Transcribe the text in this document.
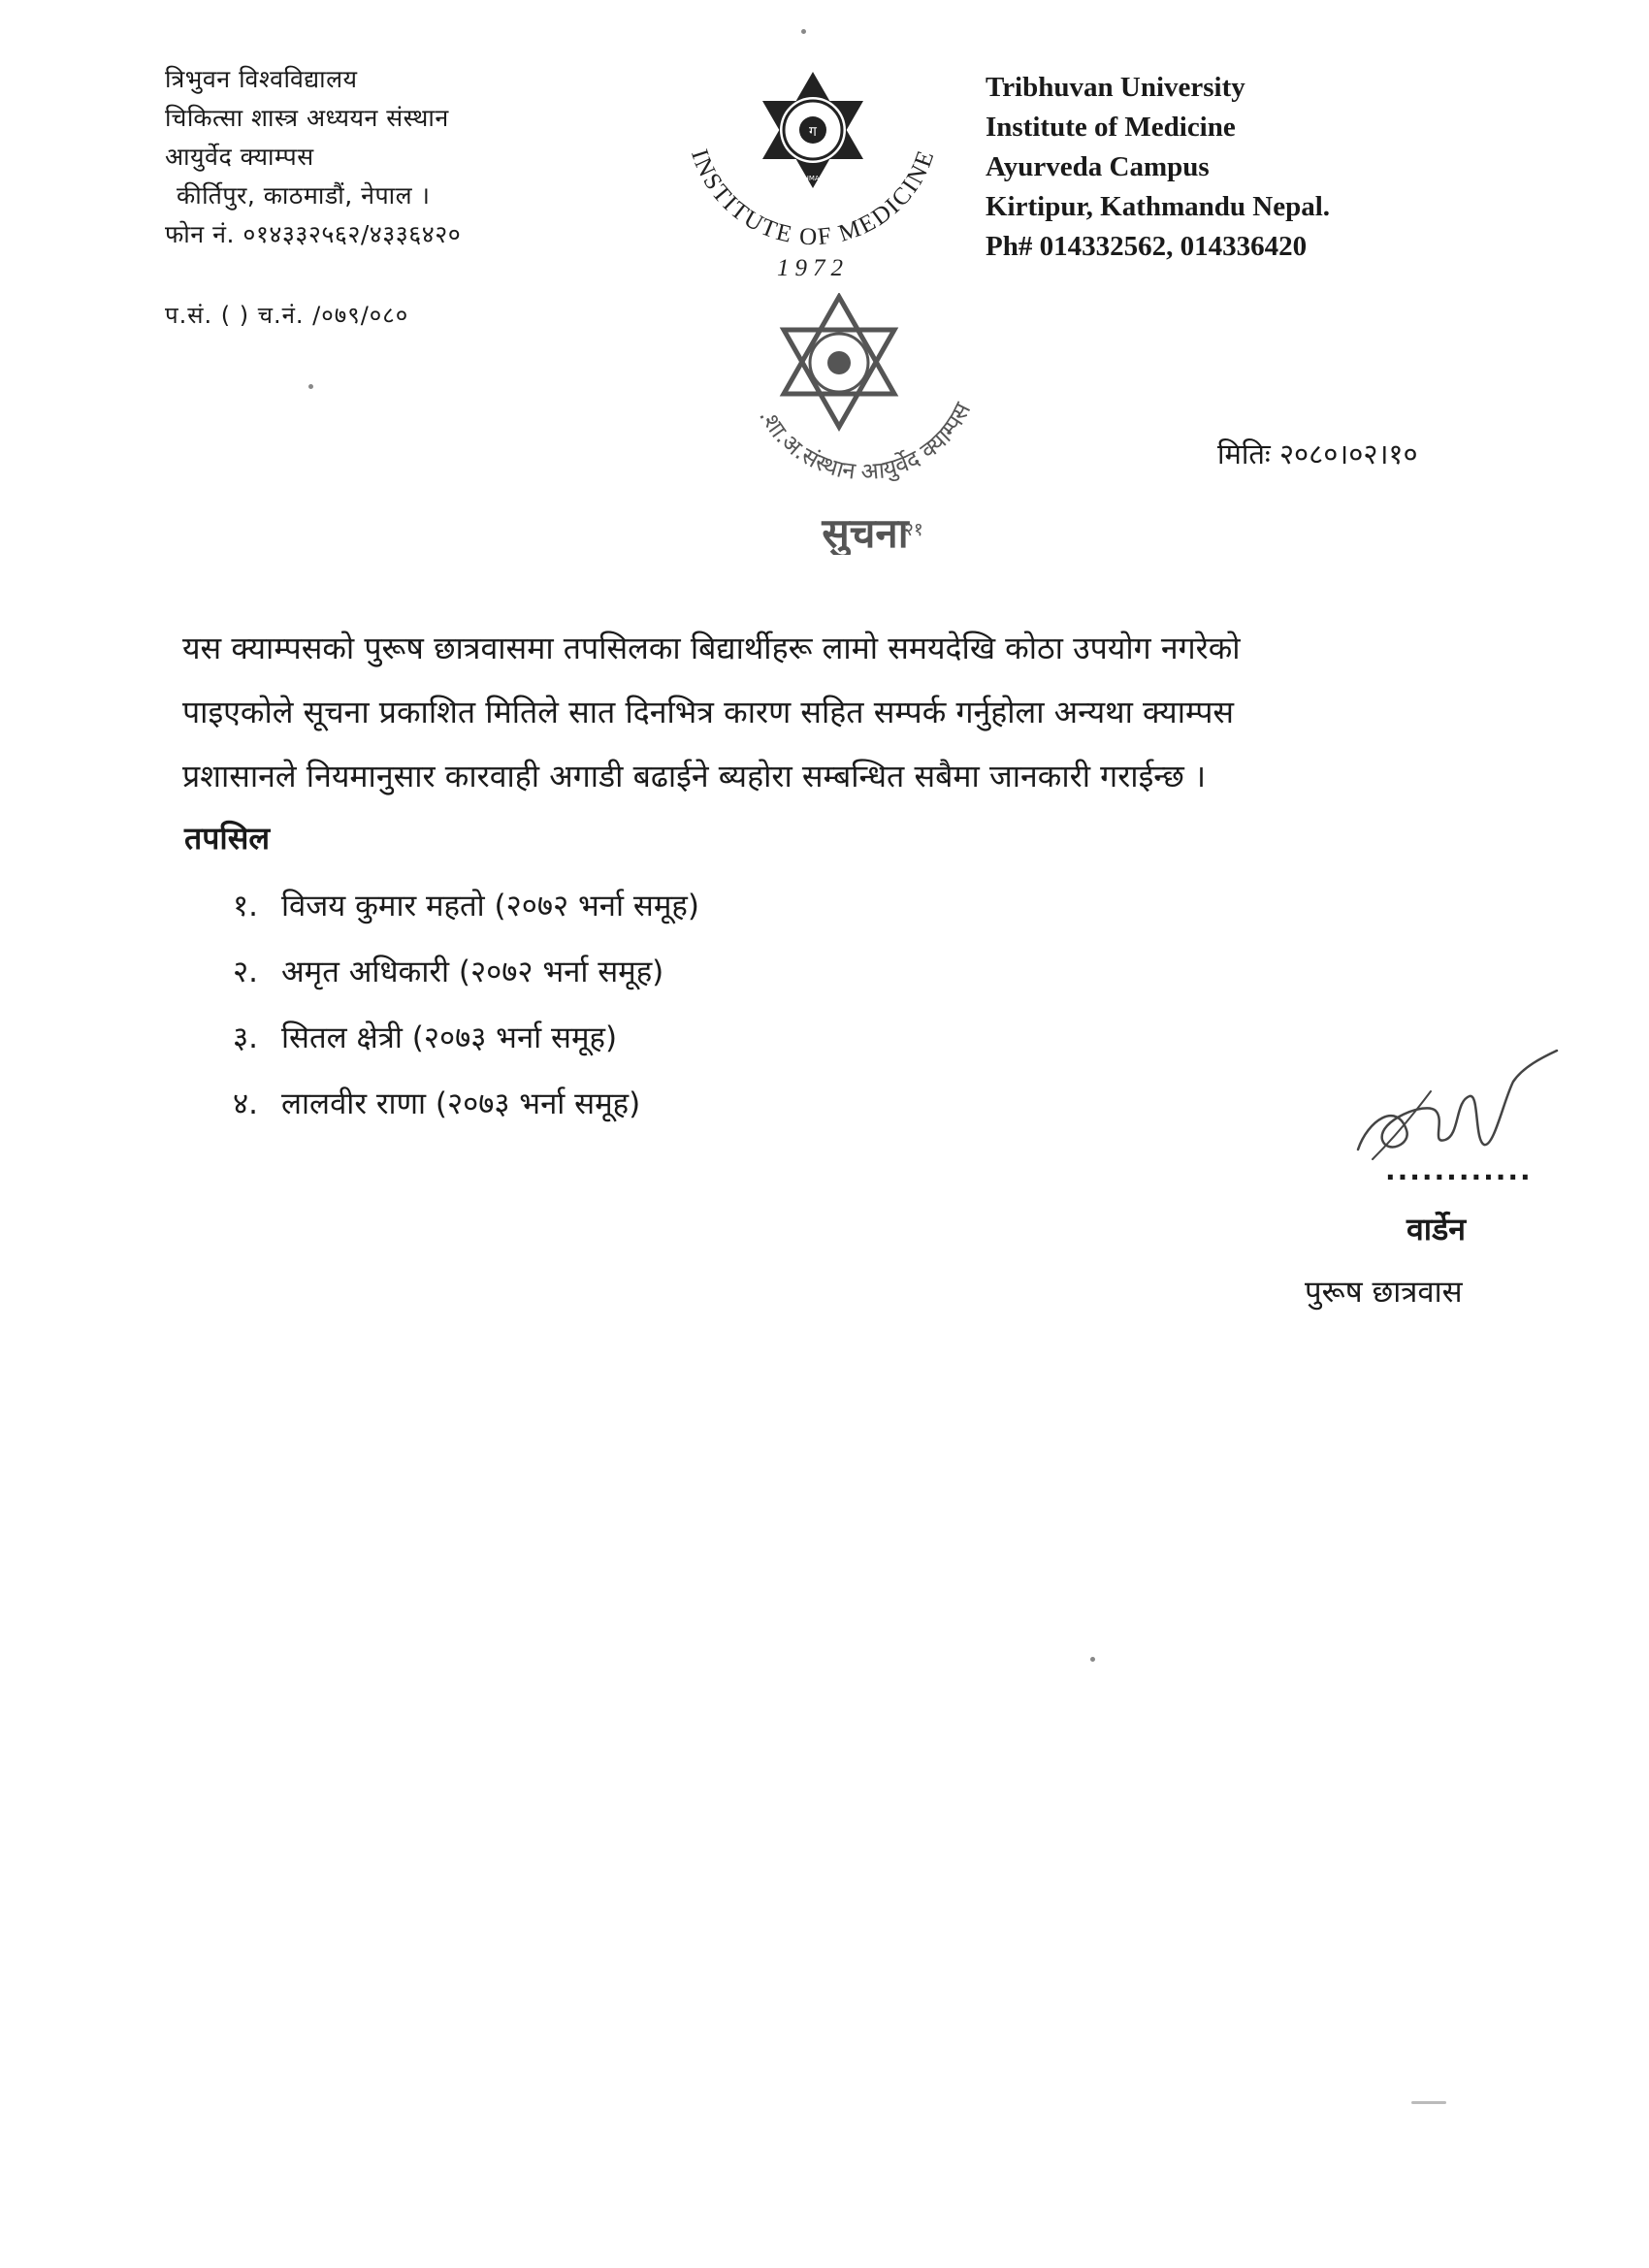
त्रिभुवन विश्वविद्यालय
चिकित्सा शास्त्र अध्ययन संस्थान
आयुर्वेद क्याम्पस
कीर्तिपुर, काठमाडौं, नेपाल ।
फोन नं. ०१४३३२५६२/४३३६४२०
ग
KATHMANDU
INSTITUTE OF MEDICINE
1972
Tribhuvan University
Institute of Medicine
Ayurveda Campus
Kirtipur, Kathmandu Nepal.
Ph# 014332562, 014336420
प.सं. ( ) च.नं. /०७९/०८०
.शा.अ.संस्थान आयुर्वेद क्याम्पस
२१
सुचना
मितिः २०८०।०२।१०
यस क्याम्पसको पुरूष छात्रवासमा तपसिलका बिद्यार्थीहरू लामो समयदेखि कोठा उपयोग नगरेको
पाइएकोले सूचना प्रकाशित मितिले सात दिनभित्र कारण सहित सम्पर्क गर्नुहोला अन्यथा क्याम्पस
प्रशासानले नियमानुसार कारवाही अगाडी बढाईने ब्यहोरा सम्बन्धित सबैमा जानकारी गराईन्छ ।
तपसिल
१. विजय कुमार महतो (२०७२ भर्ना समूह)
२. अमृत अधिकारी (२०७२ भर्ना समूह)
३. सितल क्षेत्री (२०७३ भर्ना समूह)
४. लालवीर राणा (२०७३ भर्ना समूह)
............
वार्डेन
पुरूष छात्रवास
